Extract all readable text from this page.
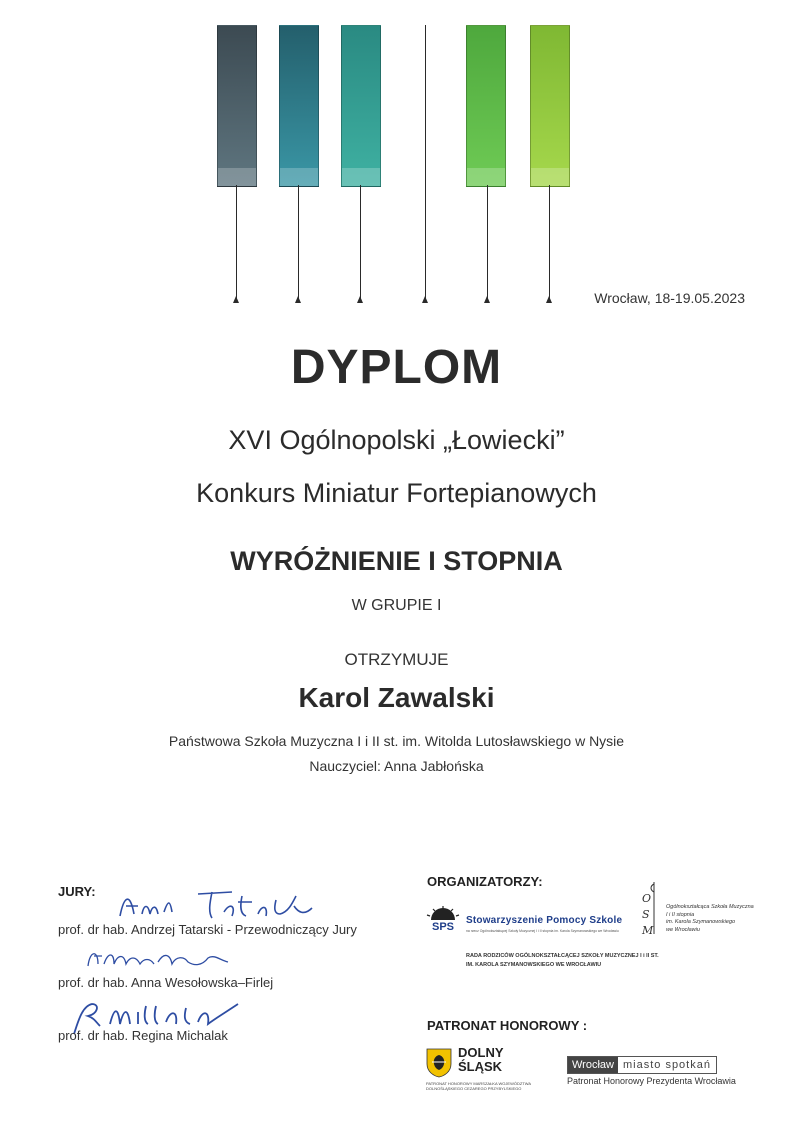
Wrocław, 18-19.05.2023
DYPLOM
XVI Ogólnopolski „Łowiecki”
Konkurs Miniatur Fortepianowych
WYRÓŻNIENIE I STOPNIA
W GRUPIE I
OTRZYMUJE
Karol Zawalski
Państwowa Szkoła Muzyczna I i II st. im. Witolda Lutosławskiego w Nysie
Nauczyciel: Anna Jabłońska
JURY:
prof. dr hab. Andrzej Tatarski - Przewodniczący Jury
prof. dr hab. Anna Wesołowska–Firlej
prof. dr hab. Regina Michalak
ORGANIZATORZY:
SPS
Stowarzyszenie Pomocy Szkole
na rzecz Ogólnokształcącej Szkoły Muzycznej I i II stopnia im. Karola Szymanowskiego we Wrocławiu
O
S
M
Ogólnokształcąca Szkoła Muzyczna
I i II stopnia
im. Karola Szymanowskiego
we Wrocławiu
RADA RODZICÓW OGÓLNOKSZTAŁCĄCEJ SZKOŁY MUZYCZNEJ I i II ST.
IM. KAROLA SZYMANOWSKIEGO WE WROCŁAWIU
PATRONAT HONOROWY :
DOLNY
ŚLĄSK
PATRONAT HONOROWY MARSZAŁKA WOJEWÓDZTWA
DOLNOŚLĄSKIEGO CEZAREGO PRZYBYLSKIEGO
Wrocław miasto spotkań
Patronat Honorowy Prezydenta Wrocławia
